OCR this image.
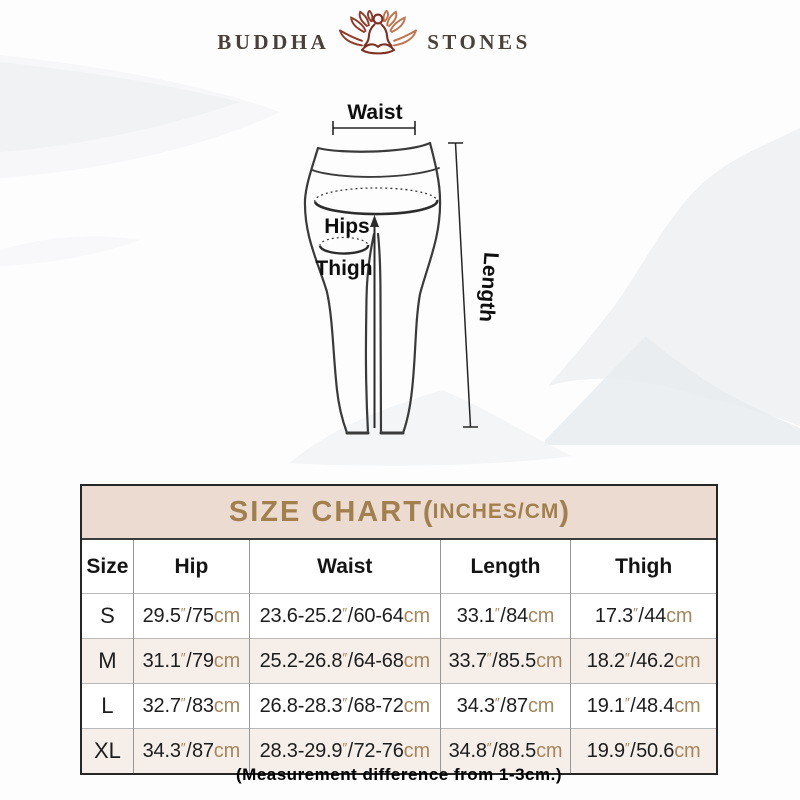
BUDDHA	STONES
Waist
Hips
Thigh	Length
SIZE CHART ( INCHES/CM )
Size	Hip	Waist	Length	Thigh
S	29.5″/75cm	23.6-25.2″/60-64cm	33.1″/84cm	17.3″/44cm
M	31.1″/79cm	25.2-26.8″/64-68cm	33.7″/85.5cm	18.2″/46.2cm
L	32.7″/83cm	26.8-28.3″/68-72cm	34.3″/87cm	19.1″/48.4cm
XL	34.3″/87cm	28.3-29.9″/72-76cm	34.8″/88.5cm	19.9″/50.6cm
(Measurement difference from 1-3cm.)
